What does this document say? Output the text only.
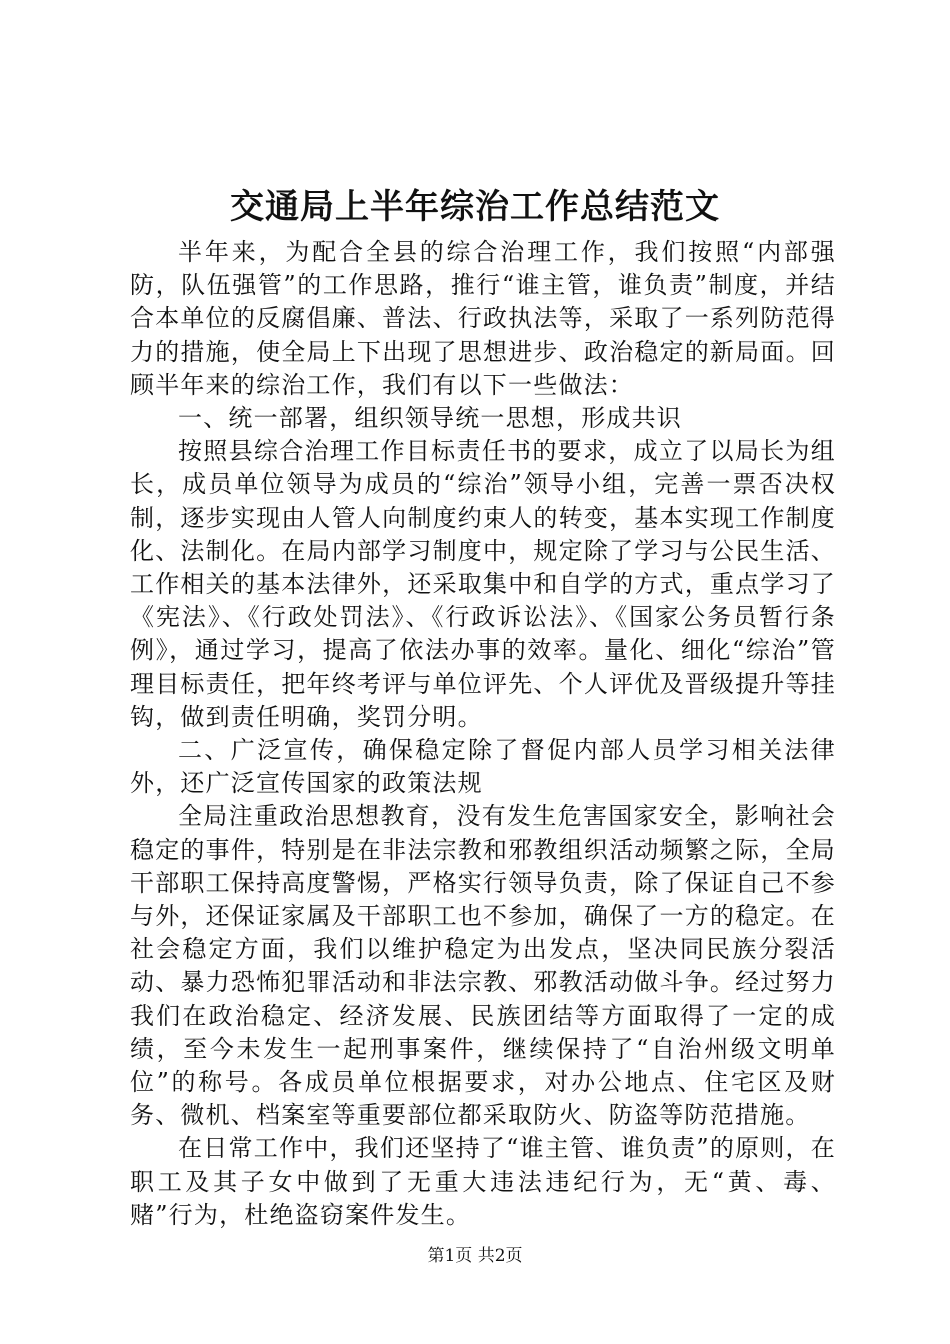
交通局上半年综治工作总结范文

半年来，为配合全县的综合治理工作，我们按照“内部强防，队伍强管”的工作思路，推行“谁主管，谁负责”制度，并结合本单位的反腐倡廉、普法、行政执法等，采取了一系列防范得力的措施，使全局上下出现了思想进步、政治稳定的新局面。回顾半年来的综治工作，我们有以下一些做法：

一、统一部署，组织领导统一思想，形成共识

按照县综合治理工作目标责任书的要求，成立了以局长为组长，成员单位领导为成员的“综治”领导小组，完善一票否决权制，逐步实现由人管人向制度约束人的转变，基本实现工作制度化、法制化。在局内部学习制度中，规定除了学习与公民生活、工作相关的基本法律外，还采取集中和自学的方式，重点学习了《宪法》、《行政处罚法》、《行政诉讼法》、《国家公务员暂行条例》，通过学习，提高了依法办事的效率。量化、细化“综治”管理目标责任，把年终考评与单位评先、个人评优及晋级提升等挂钩，做到责任明确，奖罚分明。

二、广泛宣传，确保稳定除了督促内部人员学习相关法律外，还广泛宣传国家的政策法规

全局注重政治思想教育，没有发生危害国家安全，影响社会稳定的事件，特别是在非法宗教和邪教组织活动频繁之际，全局干部职工保持高度警惕，严格实行领导负责，除了保证自己不参与外，还保证家属及干部职工也不参加，确保了一方的稳定。在社会稳定方面，我们以维护稳定为出发点，坚决同民族分裂活动、暴力恐怖犯罪活动和非法宗教、邪教活动做斗争。经过努力我们在政治稳定、经济发展、民族团结等方面取得了一定的成绩，至今未发生一起刑事案件，继续保持了“自治州级文明单位”的称号。各成员单位根据要求，对办公地点、住宅区及财务、微机、档案室等重要部位都采取防火、防盗等防范措施。

在日常工作中，我们还坚持了“谁主管、谁负责”的原则，在职工及其子女中做到了无重大违法违纪行为，无“黄、毒、赌”行为，杜绝盗窃案件发生。

第1页 共2页
